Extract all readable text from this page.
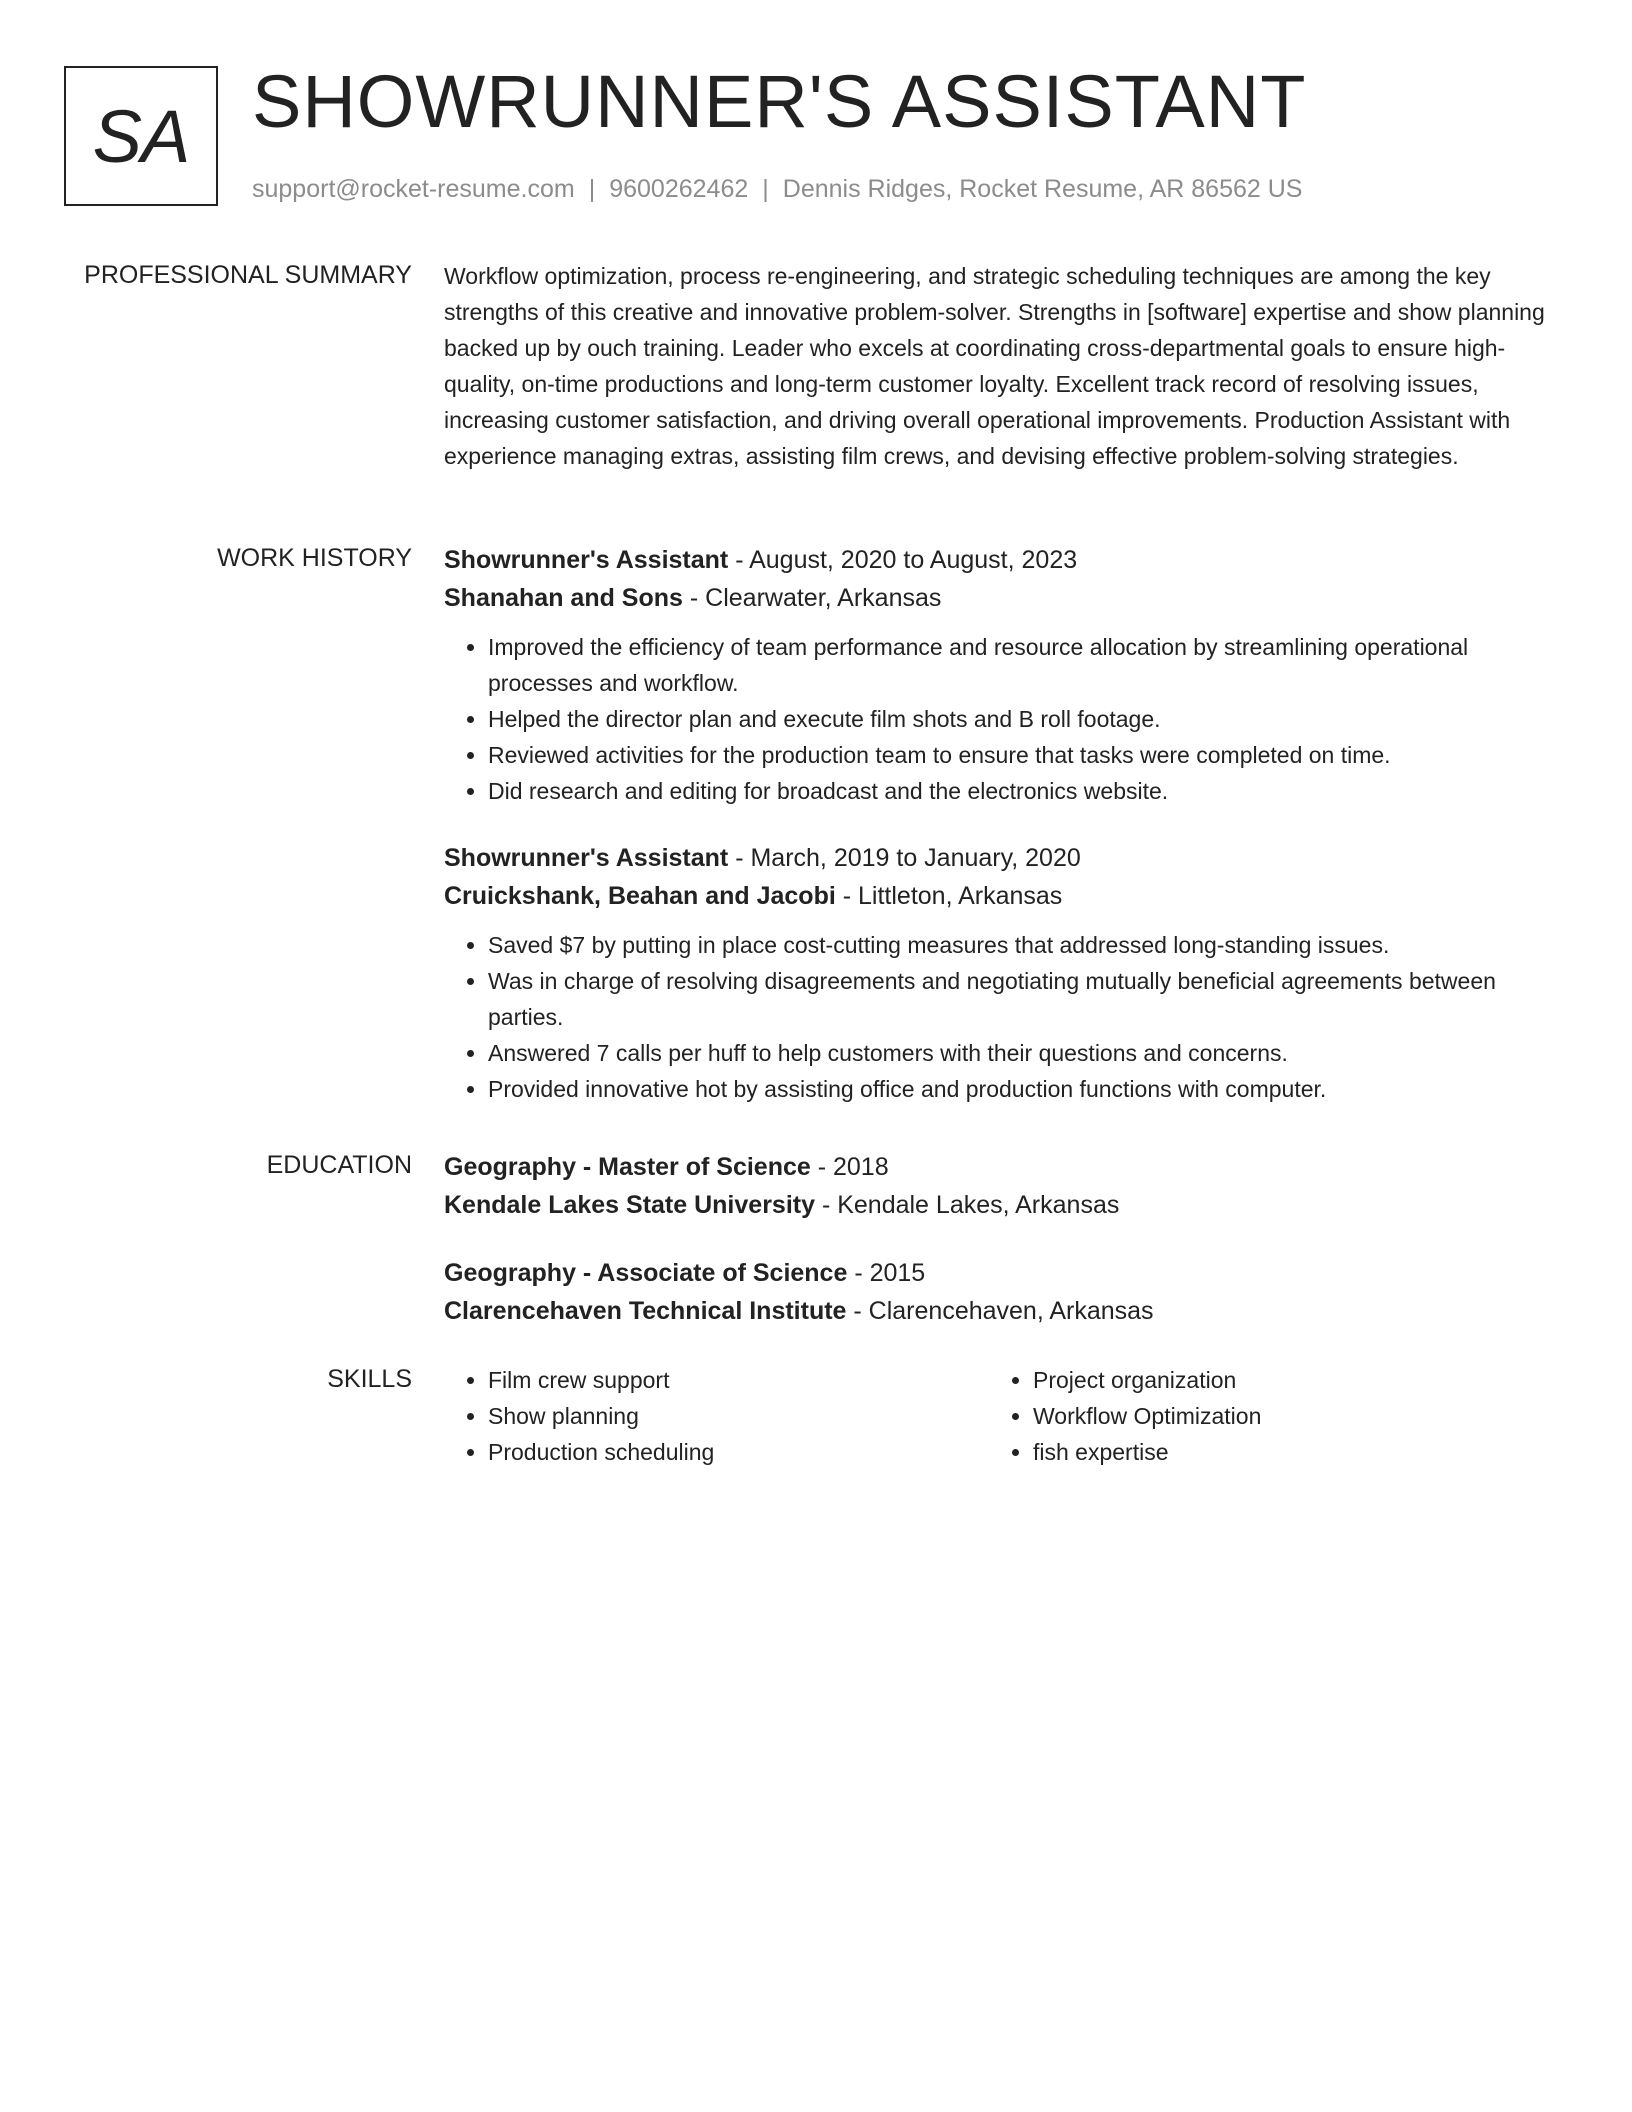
SA SHOWRUNNER'S ASSISTANT
support@rocket-resume.com | 9600262462 | Dennis Ridges, Rocket Resume, AR 86562 US
PROFESSIONAL SUMMARY Workflow optimization, process re-engineering, and strategic scheduling techniques are among the key strengths of this creative and innovative problem-solver. Strengths in [software] expertise and show planning backed up by ouch training. Leader who excels at coordinating cross-departmental goals to ensure high-quality, on-time productions and long-term customer loyalty. Excellent track record of resolving issues, increasing customer satisfaction, and driving overall operational improvements. Production Assistant with experience managing extras, assisting film crews, and devising effective problem-solving strategies.

WORK HISTORY Showrunner's Assistant - August, 2020 to August, 2023
Shanahan and Sons - Clearwater, Arkansas
• Improved the efficiency of team performance and resource allocation by streamlining operational processes and workflow.
• Helped the director plan and execute film shots and B roll footage.
• Reviewed activities for the production team to ensure that tasks were completed on time.
• Did research and editing for broadcast and the electronics website.
Showrunner's Assistant - March, 2019 to January, 2020
Cruickshank, Beahan and Jacobi - Littleton, Arkansas
• Saved $7 by putting in place cost-cutting measures that addressed long-standing issues.
• Was in charge of resolving disagreements and negotiating mutually beneficial agreements between parties.
• Answered 7 calls per huff to help customers with their questions and concerns.
• Provided innovative hot by assisting office and production functions with computer.
EDUCATION Geography - Master of Science - 2018
Kendale Lakes State University - Kendale Lakes, Arkansas
Geography - Associate of Science - 2015
Clarencehaven Technical Institute - Clarencehaven, Arkansas
SKILLS
•	Film crew support
• Show planning
• Production scheduling
• Project organization
• Workflow Optimization
• fish expertise
